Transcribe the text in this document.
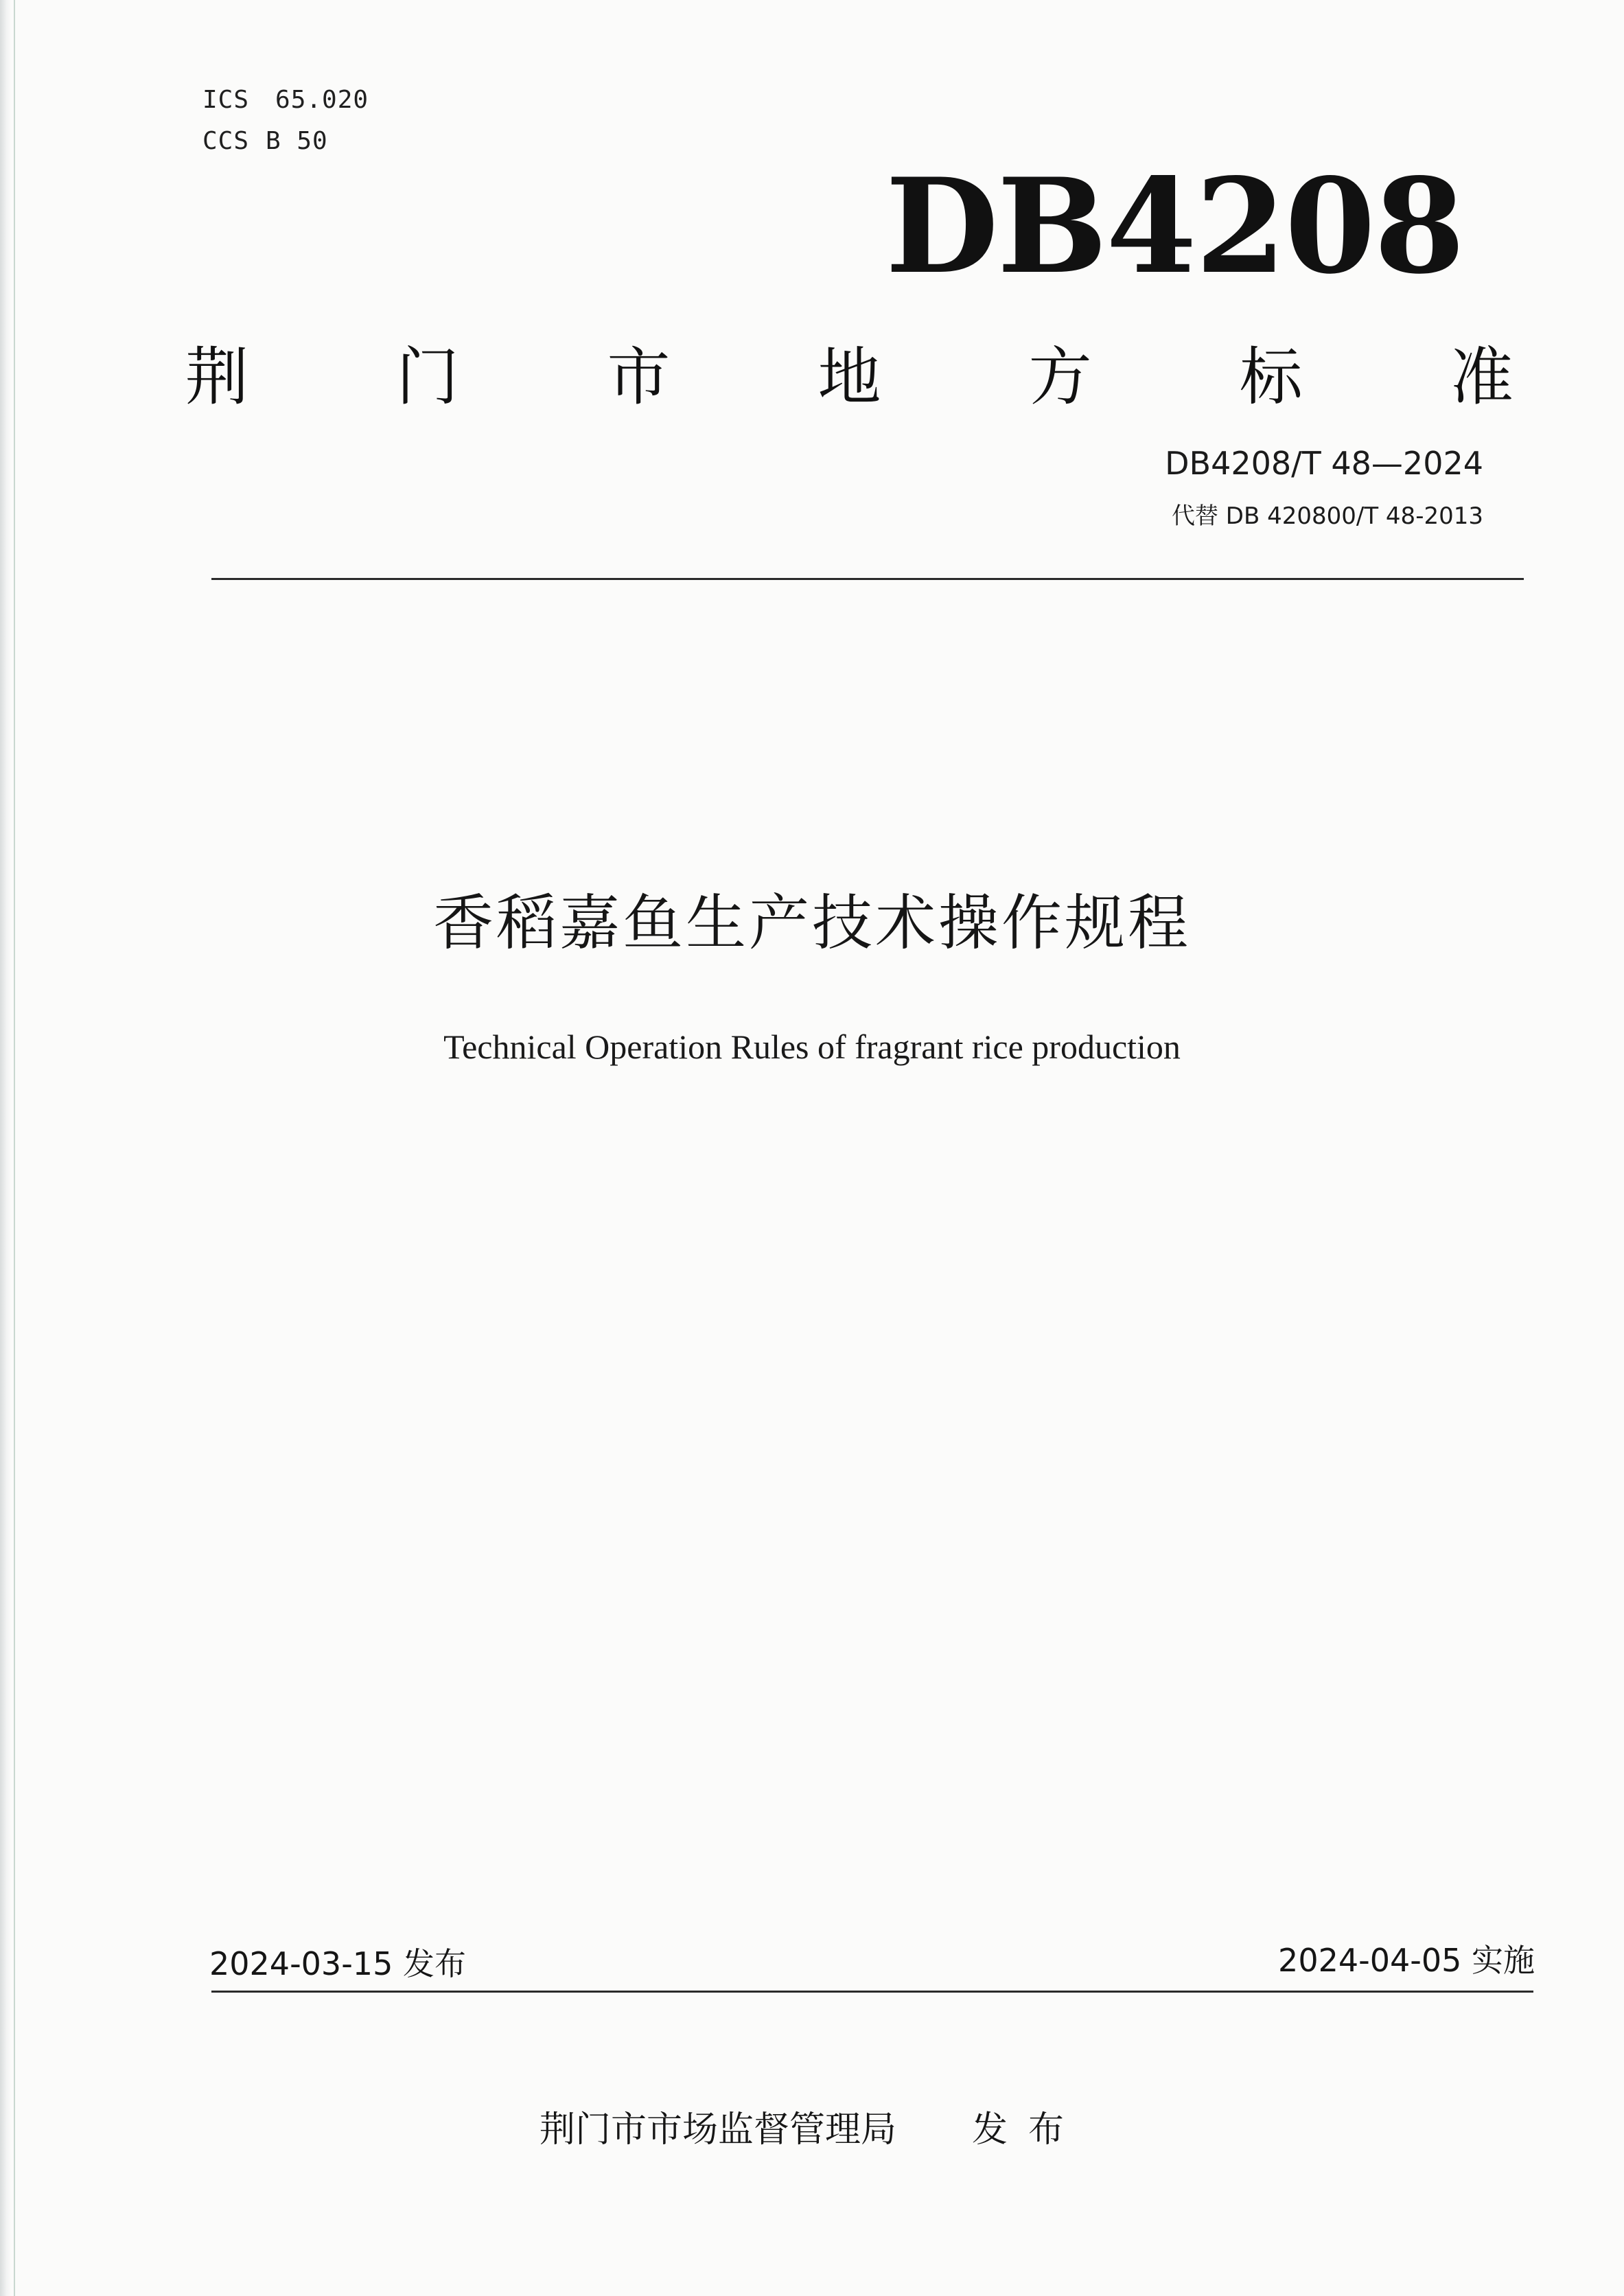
ICS 65.020
CCS B 50
DB4208
荆 门 市 地 方 标 准
DB4208/T 48—2024
代替 DB 420800/T 48-2013
香稻嘉鱼生产技术操作规程
Technical Operation Rules of fragrant rice production
2024-03-15 发布	2024-04-05 实施
荆门市市场监督管理局 发布
